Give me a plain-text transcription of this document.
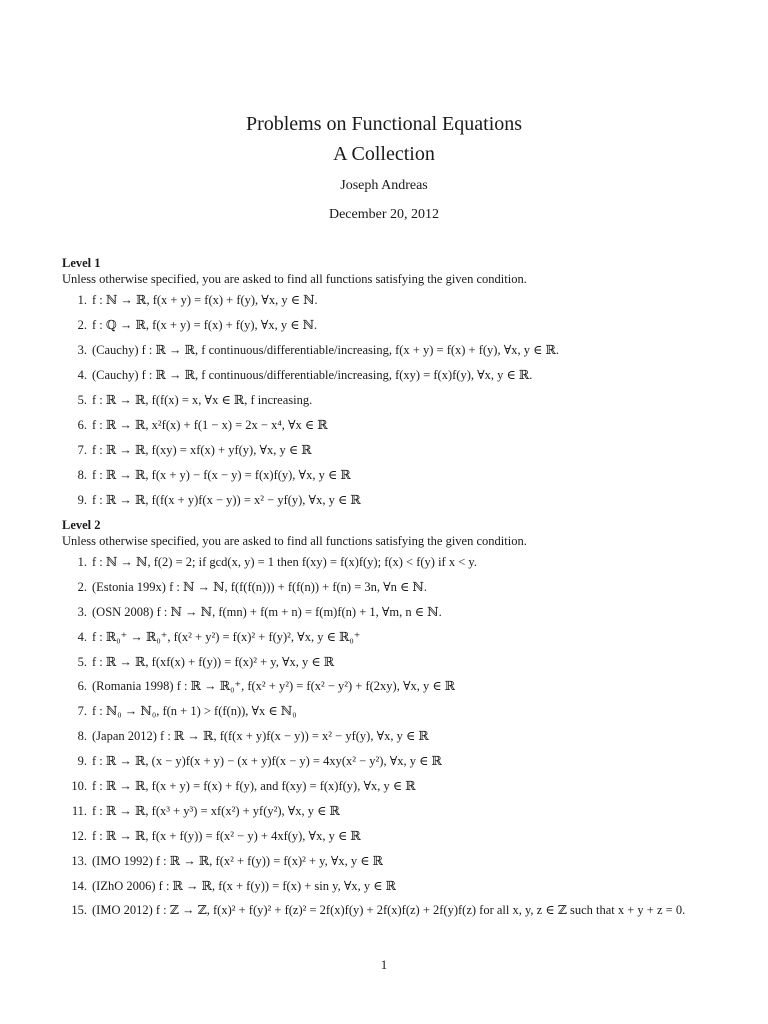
Problems on Functional Equations
A Collection
Joseph Andreas
December 20, 2012
Level 1
Unless otherwise specified, you are asked to find all functions satisfying the given condition.
1. f : ℕ → ℝ, f(x + y) = f(x) + f(y), ∀x, y ∈ ℕ.
2. f : ℚ → ℝ, f(x + y) = f(x) + f(y), ∀x, y ∈ ℕ.
3. (Cauchy) f : ℝ → ℝ, f continuous/differentiable/increasing, f(x + y) = f(x) + f(y), ∀x, y ∈ ℝ.
4. (Cauchy) f : ℝ → ℝ, f continuous/differentiable/increasing, f(xy) = f(x)f(y), ∀x, y ∈ ℝ.
5. f : ℝ → ℝ, f(f(x) = x, ∀x ∈ ℝ, f increasing.
6. f : ℝ → ℝ, x²f(x) + f(1 − x) = 2x − x⁴, ∀x ∈ ℝ
7. f : ℝ → ℝ, f(xy) = xf(x) + yf(y), ∀x, y ∈ ℝ
8. f : ℝ → ℝ, f(x + y) − f(x − y) = f(x)f(y), ∀x, y ∈ ℝ
9. f : ℝ → ℝ, f(f(x + y)f(x − y)) = x² − yf(y), ∀x, y ∈ ℝ
Level 2
Unless otherwise specified, you are asked to find all functions satisfying the given condition.
1. f : ℕ → ℕ, f(2) = 2; if gcd(x, y) = 1 then f(xy) = f(x)f(y); f(x) < f(y) if x < y.
2. (Estonia 199x) f : ℕ → ℕ, f(f(f(n))) + f(f(n)) + f(n) = 3n, ∀n ∈ ℕ.
3. (OSN 2008) f : ℕ → ℕ, f(mn) + f(m + n) = f(m)f(n) + 1, ∀m, n ∈ ℕ.
4. f : ℝ₀⁺ → ℝ₀⁺, f(x² + y²) = f(x)² + f(y)², ∀x, y ∈ ℝ₀⁺
5. f : ℝ → ℝ, f(xf(x) + f(y)) = f(x)² + y, ∀x, y ∈ ℝ
6. (Romania 1998) f : ℝ → ℝ₀⁺, f(x² + y²) = f(x² − y²) + f(2xy), ∀x, y ∈ ℝ
7. f : ℕ₀ → ℕ₀, f(n + 1) > f(f(n)), ∀x ∈ ℕ₀
8. (Japan 2012) f : ℝ → ℝ, f(f(x + y)f(x − y)) = x² − yf(y), ∀x, y ∈ ℝ
9. f : ℝ → ℝ, (x − y)f(x + y) − (x + y)f(x − y) = 4xy(x² − y²), ∀x, y ∈ ℝ
10. f : ℝ → ℝ, f(x + y) = f(x) + f(y), and f(xy) = f(x)f(y), ∀x, y ∈ ℝ
11. f : ℝ → ℝ, f(x³ + y³) = xf(x²) + yf(y²), ∀x, y ∈ ℝ
12. f : ℝ → ℝ, f(x + f(y)) = f(x² − y) + 4xf(y), ∀x, y ∈ ℝ
13. (IMO 1992) f : ℝ → ℝ, f(x² + f(y)) = f(x)² + y, ∀x, y ∈ ℝ
14. (IZhO 2006) f : ℝ → ℝ, f(x + f(y)) = f(x) + sin y, ∀x, y ∈ ℝ
15. (IMO 2012) f : ℤ → ℤ, f(x)² + f(y)² + f(z)² = 2f(x)f(y) + 2f(x)f(z) + 2f(y)f(z) for all x, y, z ∈ ℤ such that x + y + z = 0.
1
